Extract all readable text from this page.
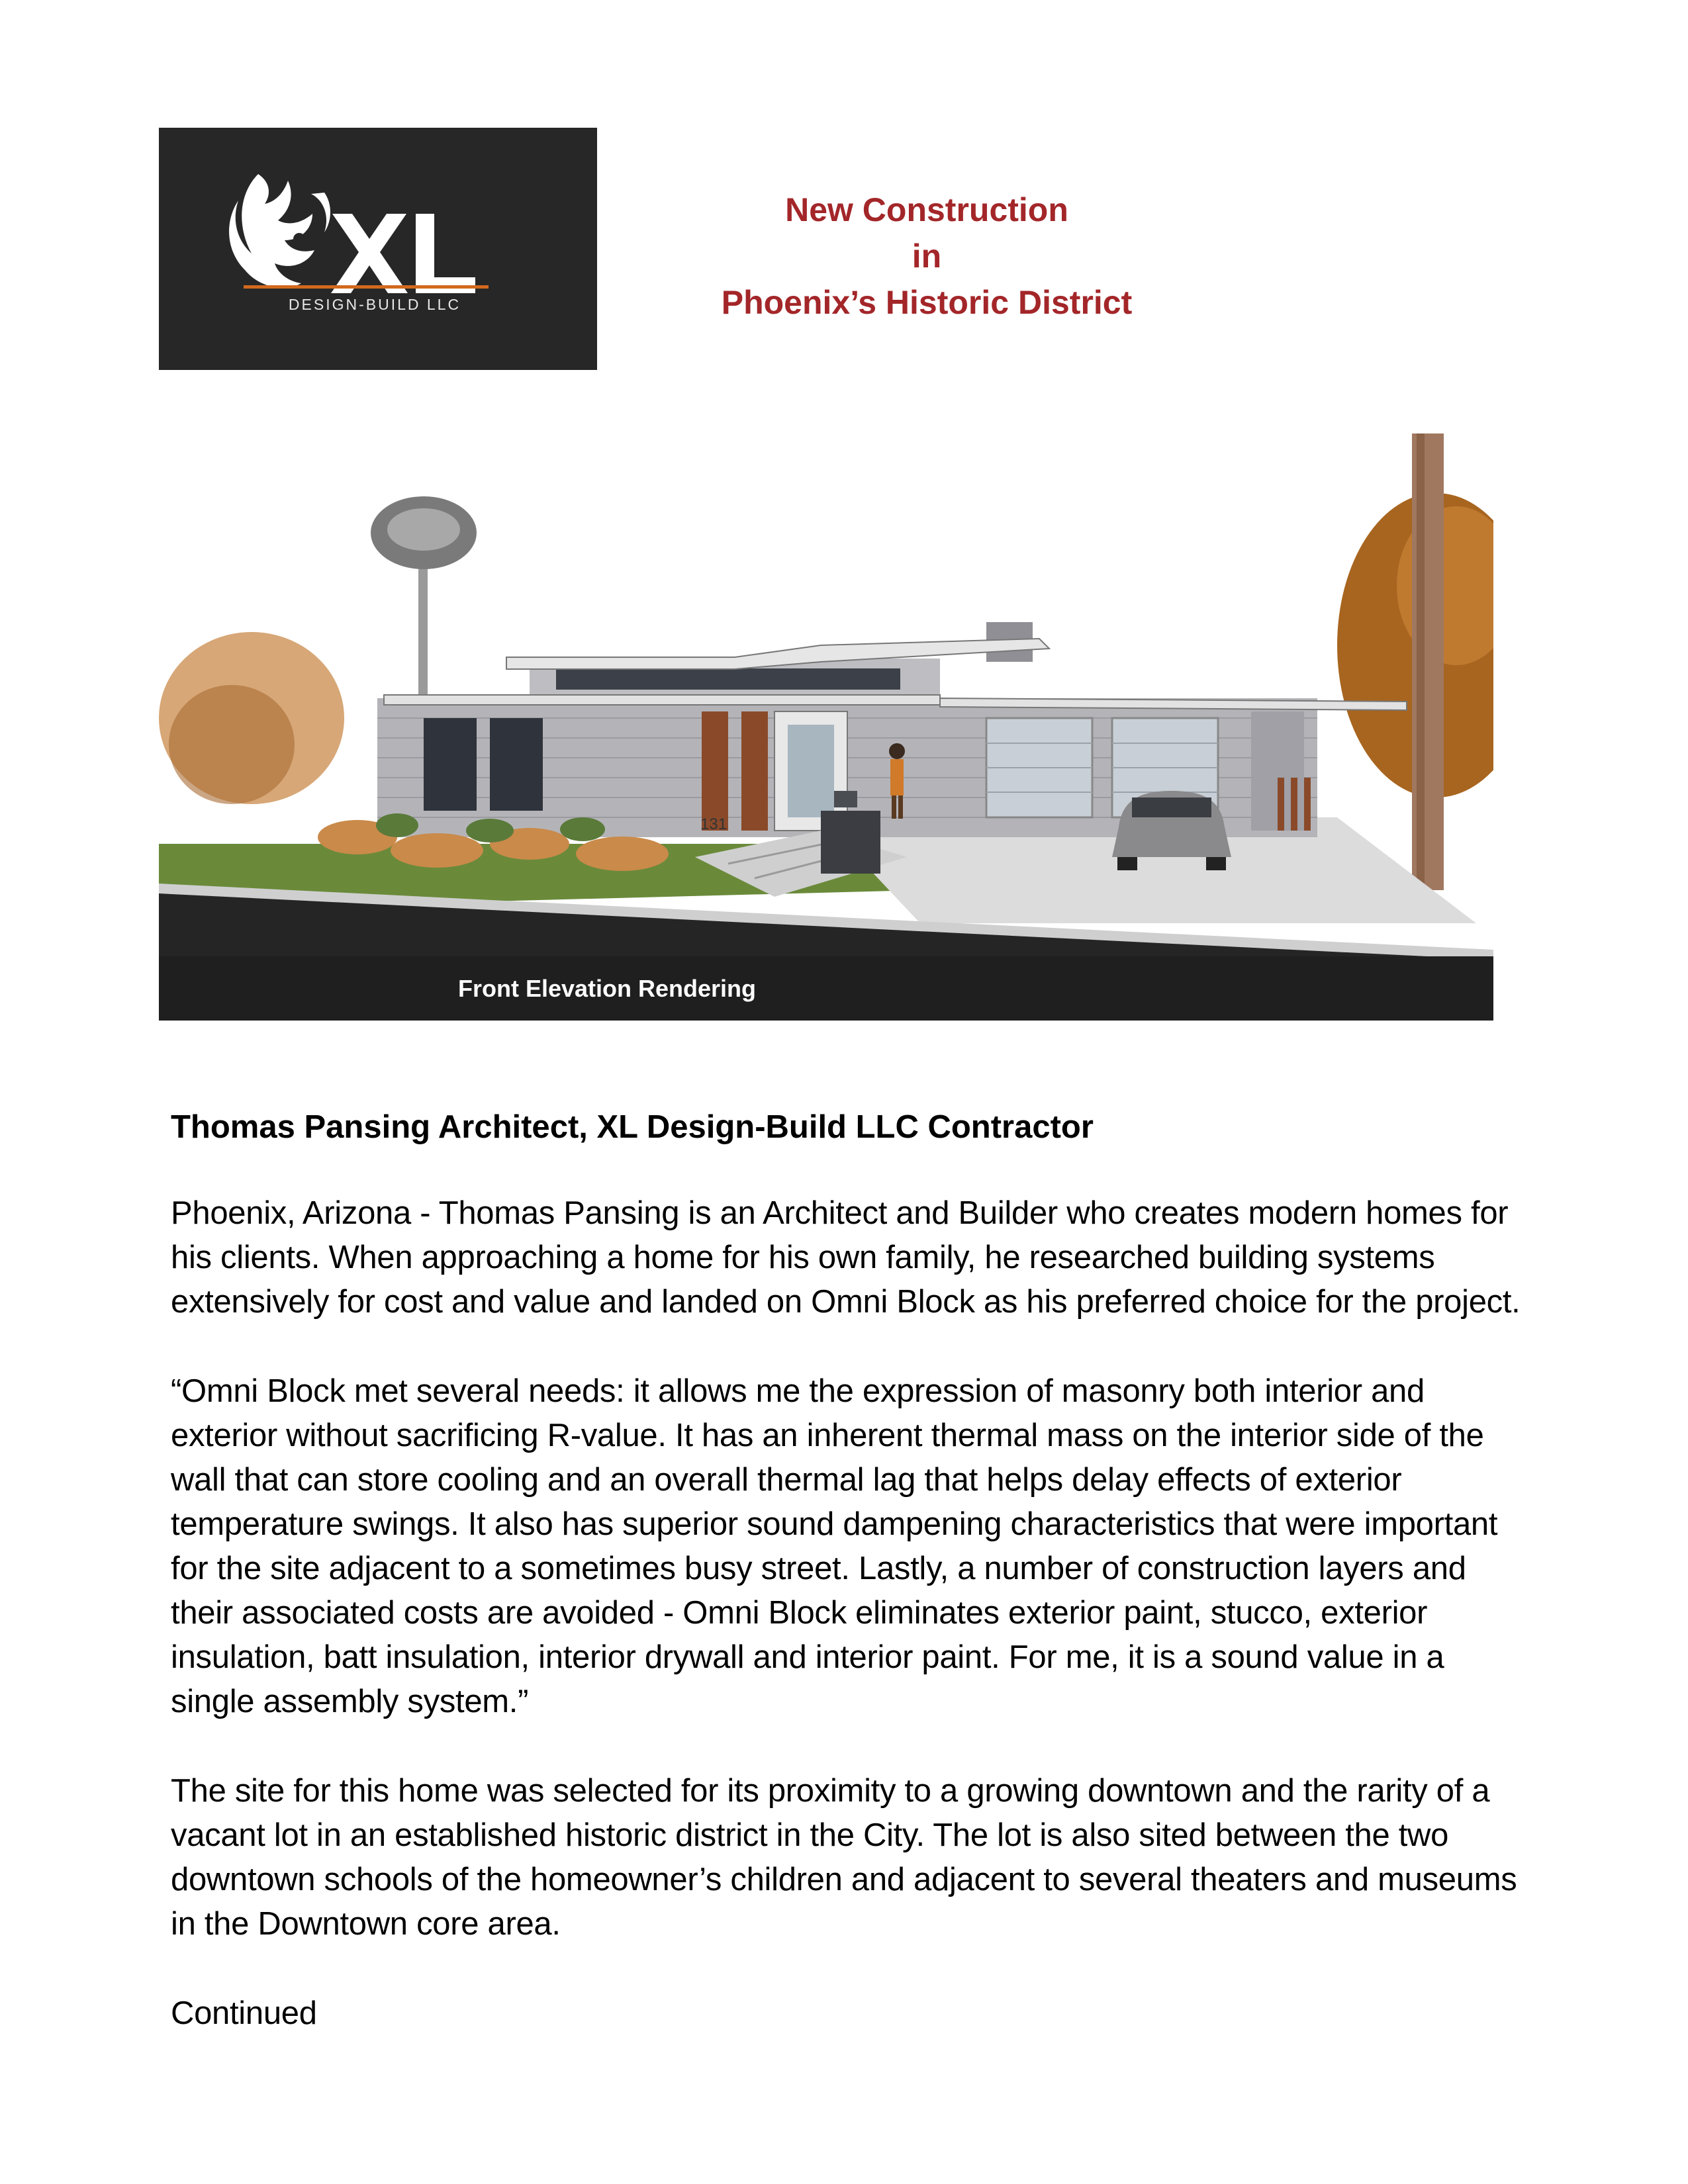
DESIGN-BUILD LLC
New Construction
in
Phoenix’s Historic District
131
Front Elevation Rendering
Thomas Pansing Architect, XL Design-Build LLC Contractor

Phoenix, Arizona - Thomas Pansing is an Architect and Builder who creates modern homes for his clients. When approaching a home for his own family, he researched building systems extensively for cost and value and landed on Omni Block as his preferred choice for the project.

“Omni Block met several needs: it allows me the expression of masonry both interior and exterior without sacrificing R-value. It has an inherent thermal mass on the interior side of the wall that can store cooling and an overall thermal lag that helps delay effects of exterior temperature swings. It also has superior sound dampening characteristics that were important for the site adjacent to a sometimes busy street. Lastly, a number of construction layers and their associated costs are avoided - Omni Block eliminates exterior paint, stucco, exterior insulation, batt insulation, interior drywall and interior paint. For me, it is a sound value in a single assembly system.”

The site for this home was selected for its proximity to a growing downtown and the rarity of a vacant lot in an established historic district in the City. The lot is also sited between the two downtown schools of the homeowner’s children and adjacent to several theaters and museums in the Downtown core area.

Continued
